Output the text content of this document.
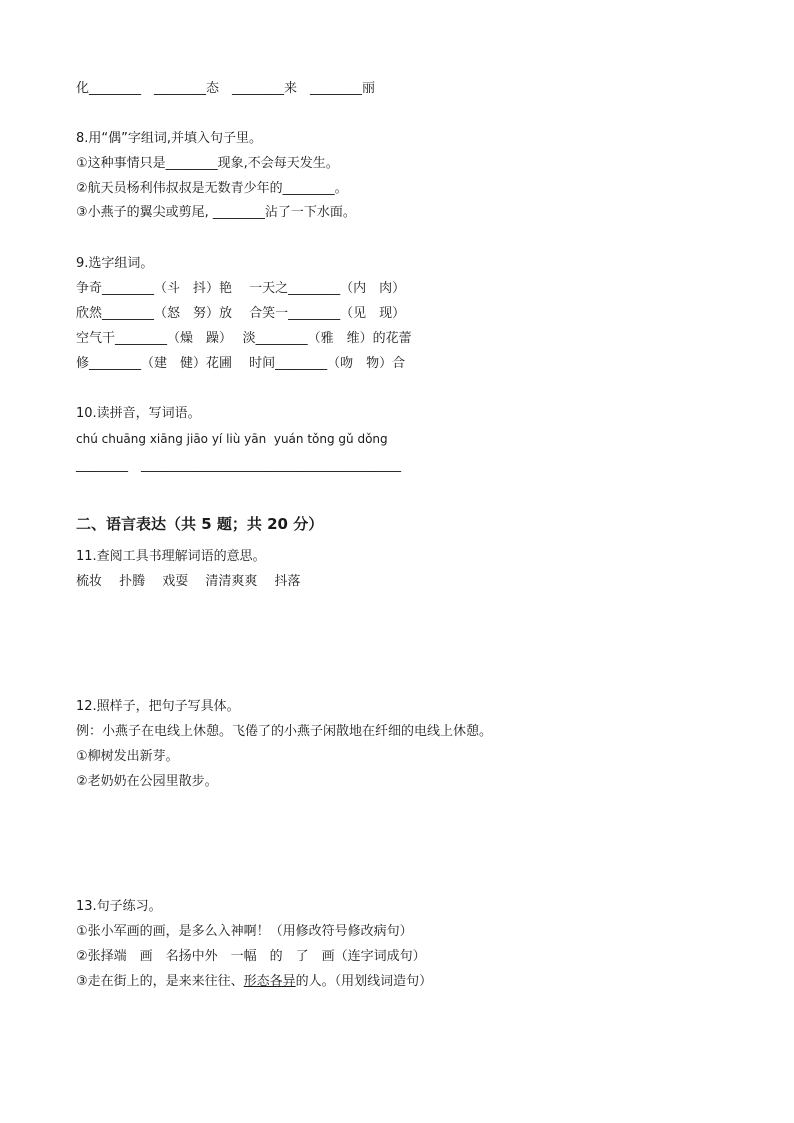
化________　________态　________来　________丽
8.用“偶”字组词,并填入句子里。
①这种事情只是________现象,不会每天发生。
②航天员杨利伟叔叔是无数青少年的________。
③小燕子的翼尖或剪尾, ________沾了一下水面。
9.选字组词。
争奇________（斗　抖）艳　 一天之________（内　肉）
欣然________（怒　努）放　 合笑一________（见　现）
空气干________（燥　躁）　 淡________（雅　维）的花蕾
修________（建　健）花圃　 时间________（吻　物）合
10.读拼音，写词语。
chú chuāng xiāng jiāo yí liù yān  yuán tǒng gǔ dǒng
________　________________________________________
二、语言表达（共 5 题；共 20 分）
11.查阅工具书理解词语的意思。
梳妆　 扑腾　 戏耍　 清清爽爽　 抖落
12.照样子，把句子写具体。
例：小燕子在电线上休憩。飞倦了的小燕子闲散地在纤细的电线上休憩。
①柳树发出新芽。
②老奶奶在公园里散步。
13.句子练习。
①张小军画的画，是多么入神啊！（用修改符号修改病句）
②张择端　画　名扬中外　一幅　的　了　画（连字词成句）
③走在街上的，是来来往往、形态各异的人。（用划线词造句）
